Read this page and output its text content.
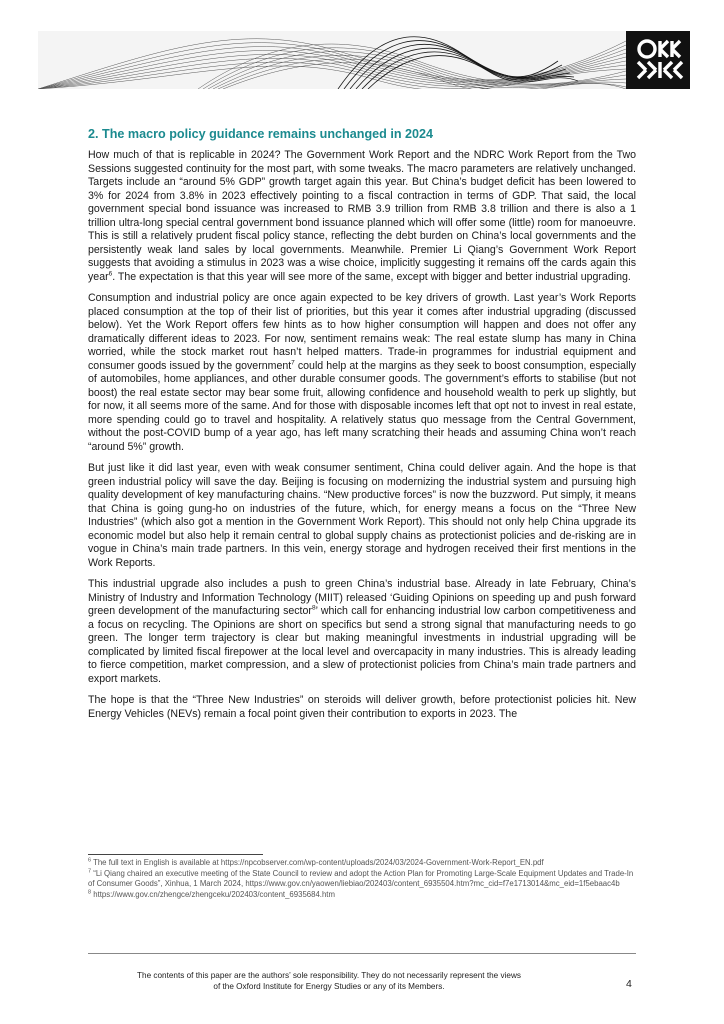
2. The macro policy guidance remains unchanged in 2024

How much of that is replicable in 2024? The Government Work Report and the NDRC Work Report from the Two Sessions suggested continuity for the most part, with some tweaks. The macro parameters are relatively unchanged. Targets include an “around 5% GDP” growth target again this year. But China’s budget deficit has been lowered to 3% for 2024 from 3.8% in 2023 effectively pointing to a fiscal contraction in terms of GDP. That said, the local government special bond issuance was increased to RMB 3.9 trillion from RMB 3.8 trillion and there is also a 1 trillion ultra-long special central government bond issuance planned which will offer some (little) room for manoeuvre. This is still a relatively prudent fiscal policy stance, reflecting the debt burden on China’s local governments and the persistently weak land sales by local governments. Meanwhile. Premier Li Qiang’s Government Work Report suggests that avoiding a stimulus in 2023 was a wise choice, implicitly suggesting it remains off the cards again this year$^6$. The expectation is that this year will see more of the same, except with bigger and better industrial upgrading.

Consumption and industrial policy are once again expected to be key drivers of growth. Last year’s Work Reports placed consumption at the top of their list of priorities, but this year it comes after industrial upgrading (discussed below). Yet the Work Report offers few hints as to how higher consumption will happen and does not offer any dramatically different ideas to 2023. For now, sentiment remains weak: The real estate slump has many in China worried, while the stock market rout hasn’t helped matters. Trade-in programmes for industrial equipment and consumer goods issued by the government$^7$ could help at the margins as they seek to boost consumption, especially of automobiles, home appliances, and other durable consumer goods. The government’s efforts to stabilise (but not boost) the real estate sector may bear some fruit, allowing confidence and household wealth to perk up slightly, but for now, it all seems more of the same. And for those with disposable incomes left that opt not to invest in real estate, more spending could go to travel and hospitality. A relatively status quo message from the Central Government, without the post-COVID bump of a year ago, has left many scratching their heads and assuming China won’t reach “around 5%” growth.

But just like it did last year, even with weak consumer sentiment, China could deliver again. And the hope is that green industrial policy will save the day. Beijing is focusing on modernizing the industrial system and pursuing high quality development of key manufacturing chains. “New productive forces” is now the buzzword. Put simply, it means that China is going gung-ho on industries of the future, which, for energy means a focus on the “Three New Industries” (which also got a mention in the Government Work Report). This should not only help China upgrade its economic model but also help it remain central to global supply chains as protectionist policies and de-risking are in vogue in China’s main trade partners. In this vein, energy storage and hydrogen received their first mentions in the Work Reports.

This industrial upgrade also includes a push to green China’s industrial base. Already in late February, China’s Ministry of Industry and Information Technology (MIIT) released ‘Guiding Opinions on speeding up and push forward green development of the manufacturing sector$^8$’ which call for enhancing industrial low carbon competitiveness and a focus on recycling. The Opinions are short on specifics but send a strong signal that manufacturing needs to go green. The longer term trajectory is clear but making meaningful investments in industrial upgrading will be complicated by limited fiscal firepower at the local level and overcapacity in many industries. This is already leading to fierce competition, market compression, and a slew of protectionist policies from China’s main trade partners and export markets.

The hope is that the “Three New Industries” on steroids will deliver growth, before protectionist policies hit. New Energy Vehicles (NEVs) remain a focal point given their contribution to exports in 2023. The

$^6$ The full text in English is available at https://npcobserver.com/wp-content/uploads/2024/03/2024-Government-Work-Report_EN.pdf
$^7$ “Li Qiang chaired an executive meeting of the State Council to review and adopt the Action Plan for Promoting Large-Scale Equipment Updates and Trade-In of Consumer Goods”, Xinhua, 1 March 2024, https://www.gov.cn/yaowen/liebiao/202403/content_6935504.htm?mc_cid=f7e1713014&mc_eid=1f5ebaac4b
$^8$ https://www.gov.cn/zhengce/zhengceku/202403/content_6935684.htm
The contents of this paper are the authors’ sole responsibility. They do not necessarily represent the views
of the Oxford Institute for Energy Studies or any of its Members.	4
